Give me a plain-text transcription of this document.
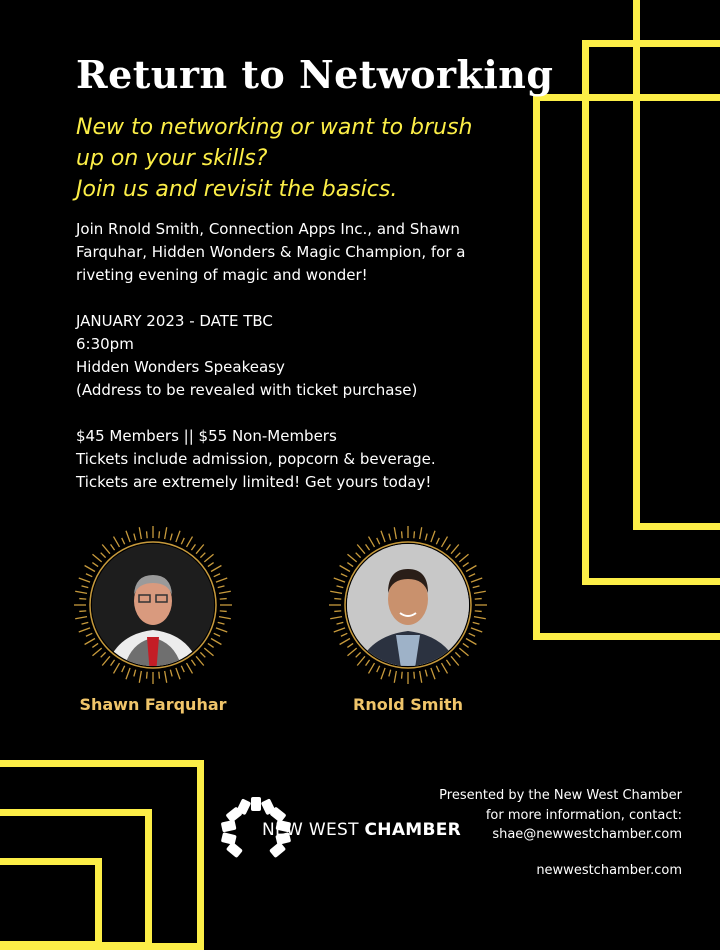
Return to Networking
New to networking or want to brush
up on your skills?
Join us and revisit the basics.
Join Rnold Smith, Connection Apps Inc., and Shawn
Farquhar, Hidden Wonders & Magic Champion, for a
riveting evening of magic and wonder!
JANUARY 2023 - DATE TBC
6:30pm
Hidden Wonders Speakeasy
(Address to be revealed with ticket purchase)
$45 Members || $55 Non-Members
Tickets include admission, popcorn & beverage.
Tickets are extremely limited! Get yours today!
Shawn Farquhar	Rnold Smith
NEW WEST CHAMBER
Presented by the New West Chamber
for more information, contact:
shae@newwestchamber.com
newwestchamber.com
